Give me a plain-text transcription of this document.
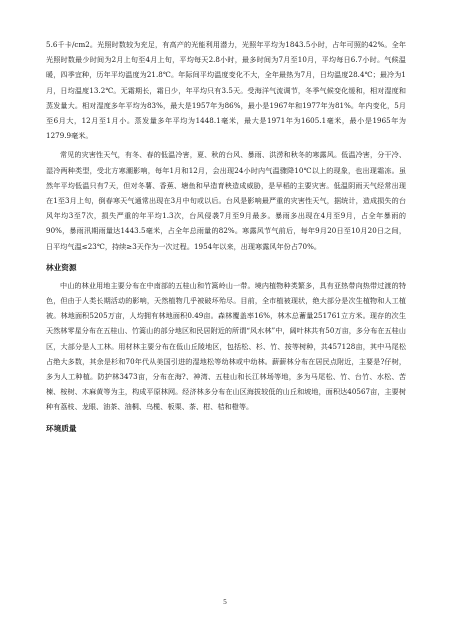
5.6千卡/cm2。光照时数较为充足，有高产的光能利用潜力，光照年平均为1843.5小时，占年可照的42%。全年光照时数最少时间为2月上旬至4月上旬，平均每天2.8小时，最多时间为7月至10月，平均每日6.7小时。气候温暖，四季宜种，历年平均温度为21.8℃。年际间平均温度变化不大，全年最热为7月，日均温度28.4℃；最冷为1月，日均温度13.2℃。无霜期长，霜日少，年平均只有3.5天。受海洋气流调节，冬季气候变化缓和，相对湿度和蒸发量大。相对湿度多年平均为83%，最大是1957年为86%，最小是1967年和1977年为81%。年内变化，5月至6月大，12月至1月小。蒸发量多年平均为1448.1毫米，最大是1971年为1605.1毫米，最小是1965年为1279.9毫米。

常见的灾害性天气，有冬、春的低温冷害，夏、秋的台风、暴雨、洪涝和秋冬的寒露风。低温冷害，分干冷、湿冷两种类型，受北方寒潮影响，每年1月和12月，会出现24小时内气温骤降10℃以上的现象，也出现霜冻。虽然年平均低温只有7天，但对冬薯、香蕉、塘鱼和早造育秧造成威胁，是早稻的主要灾害。低温阴雨天气经常出现在1至3月上旬，倒春寒天气通常出现在3月中旬或以后。台风是影响最严重的灾害性天气，据统计，造成损失的台风年均3至7次，损失严重的年平均1.3次，台风侵袭7月至9月最多。暴雨多出现在4月至9月，占全年暴雨的90%，暴雨汛期雨量达1443.5毫米，占全年总雨量的82%。寒露风节气前后，每年9月20日至10月20日之间，日平均气温≤23℃，持续≥3天作为一次过程。1954年以来，出现寒露风年份占70%。

林业资源

中山的林业用地主要分布在中南部的五桂山和竹篙岭山一带。境内植物种类繁多，具有亚热带向热带过渡的特色，但由于人类长期活动的影响，天然植物几乎被破坏殆尽。目前，全市植被现状，绝大部分是次生植物和人工植被。林地面积5205万亩，人均拥有林地面积0.49亩。森林覆盖率16%，林木总蓄量251761立方米。现存的次生天然林零星分布在五桂山、竹篙山的部分地区和民居附近的所谓“风水林”中，阔叶林共有50万亩，多分布在五桂山区，大部分是人工林。用材林主要分布在低山丘陵地区，包括松、杉、竹、按等树种，共457128亩，其中马尾松占绝大多数，其余是杉和70年代从美国引进的湿地松等幼林或中幼林。薪薪林分布在居民点附近，主要是?仔树，多为人工种植。防护林3473亩，分布在海?、神湾、五桂山和长江林场等地，多为马尾松、竹、台竹、水松、苦楝、桉树、木麻黄等为主，构成平原林网。经济林多分布在山区海拔较低的山丘和坡地，面积达40567亩，主要树种有荔枝、龙眼、油茶、油桐、乌榄、板栗、茶、柑、桔和橙等。

环境质量
5
